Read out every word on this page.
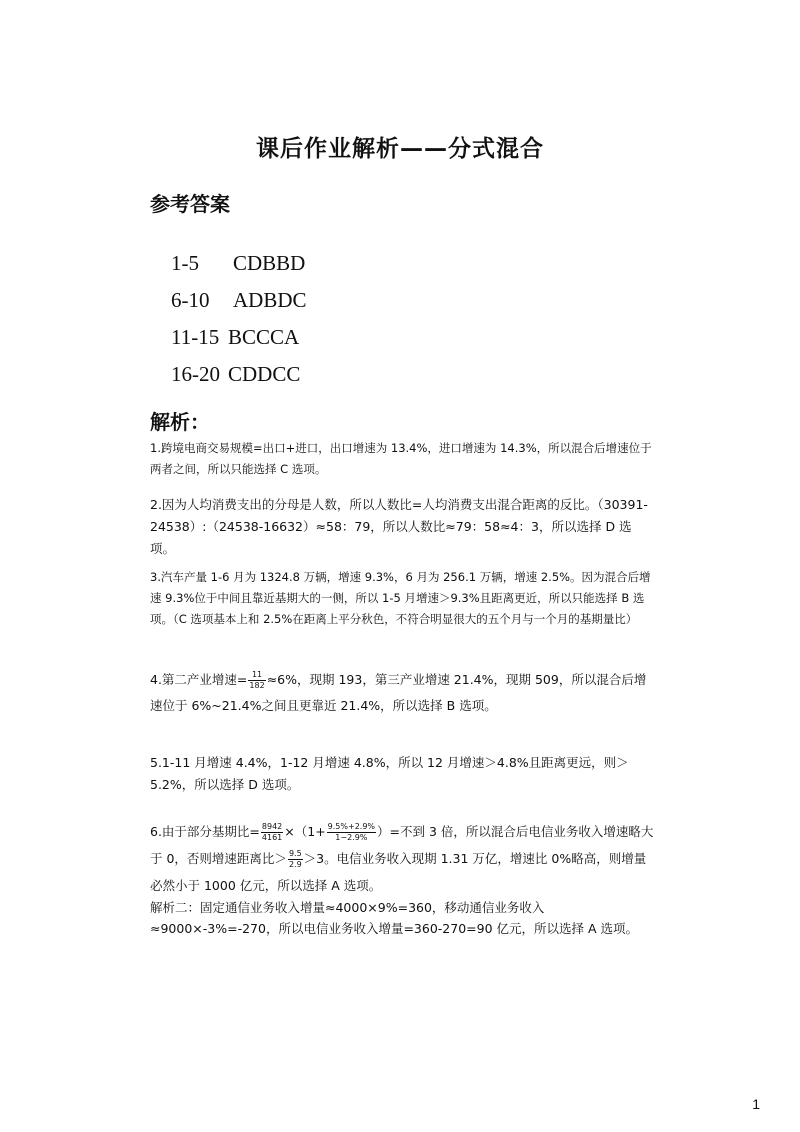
课后作业解析——分式混合
参考答案

1-5 CDBBD

6-10 ADBDC

11-15 BCCCA

16-20 CDDCC

解析：

1.跨境电商交易规模=出口+进口，出口增速为 13.4%，进口增速为 14.3%，所以混合后增速位于两者之间，所以只能选择 C 选项。

2.因为人均消费支出的分母是人数，所以人数比=人均消费支出混合距离的反比。（30391-24538）:（24538-16632）≈58：79，所以人数比≈79：58≈4：3，所以选择 D 选项。

3.汽车产量 1-6 月为 1324.8 万辆，增速 9.3%，6 月为 256.1 万辆，增速 2.5%。因为混合后增速 9.3%位于中间且靠近基期大的一侧，所以 1-5 月增速＞9.3%且距离更近，所以只能选择 B 选项。（C 选项基本上和 2.5%在距离上平分秋色，不符合明显很大的五个月与一个月的基期量比）

4.第二产业增速= $\frac{11}{182} \approx 6\%$，现期 193，第三产业增速 21.4%，现期 509，所以混合后增速位于 6%~21.4%之间且更靠近 21.4%，所以选择 B 选项。

5.1-11 月增速 4.4%，1-12 月增速 4.8%，所以 12 月增速＞4.8%且距离更远，则＞5.2%，所以选择 D 选项。

6.由于部分基期比= $\frac{8942}{4161} \times(1+ \frac{9.5\%+2.9\%}{1-2.9\%}$ ）=不到 3 倍，所以混合后电信业务收入增速略大于 0，否则增速距离比＞ $\frac{9.5}{2.9} >3$。电信业务收入现期 1.31 万亿，增速比 0%略高，则增量必然小于 1000 亿元，所以选择 A 选项。

解析二：固定通信业务收入增量≈4000×9%=360，移动通信业务收入≈9000×-3%=-270，所以电信业务收入增量=360-270=90 亿元，所以选择 A 选项。

1
